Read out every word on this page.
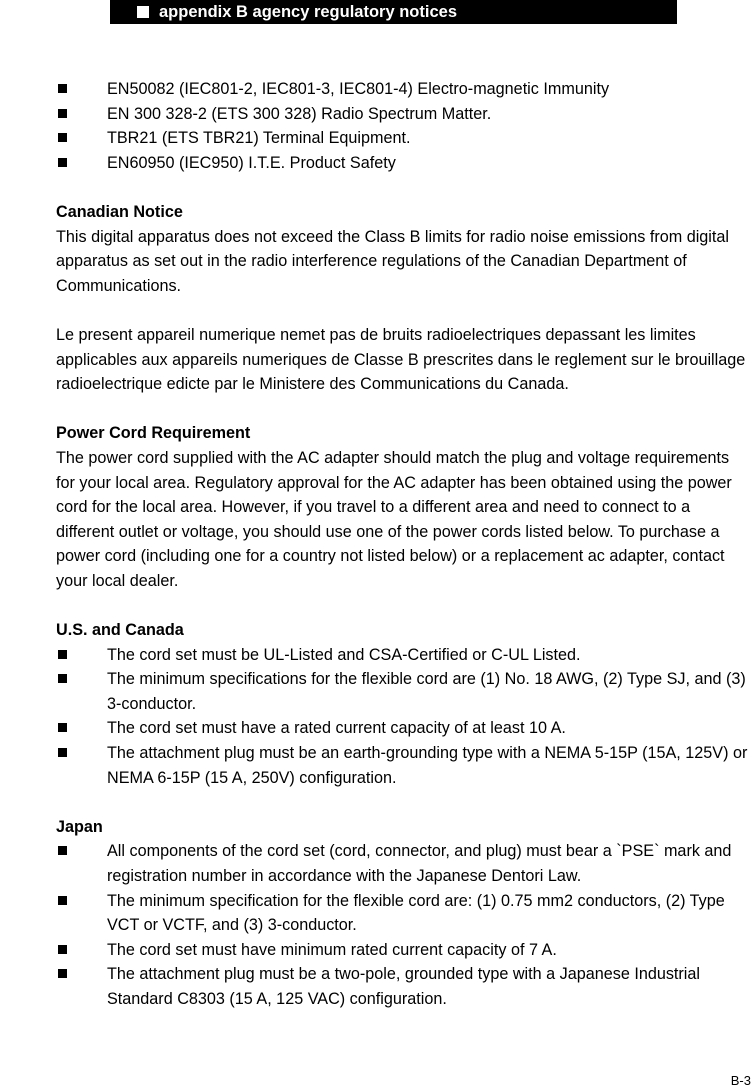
appendix B agency regulatory notices
EN50082 (IEC801-2, IEC801-3, IEC801-4) Electro-magnetic Immunity
EN 300 328-2 (ETS 300 328) Radio Spectrum Matter.
TBR21 (ETS TBR21) Terminal Equipment.
EN60950 (IEC950) I.T.E. Product Safety
Canadian Notice

This digital apparatus does not exceed the Class B limits for radio noise emissions from digital apparatus as set out in the radio interference regulations of the Canadian Department of Communications.

Le present appareil numerique nemet pas de bruits radioelectriques depassant les limites applicables aux appareils numeriques de Classe B prescrites dans le reglement sur le brouillage radioelectrique edicte par le Ministere des Communications du Canada.

Power Cord Requirement

The power cord supplied with the AC adapter should match the plug and voltage requirements for your local area. Regulatory approval for the AC adapter has been obtained using the power cord for the local area. However, if you travel to a different area and need to connect to a different outlet or voltage, you should use one of the power cords listed below. To purchase a power cord (including one for a country not listed below) or a replacement ac adapter, contact your local dealer.

U.S. and Canada
The cord set must be UL-Listed and CSA-Certified or C-UL Listed.
The minimum specifications for the flexible cord are (1) No. 18 AWG, (2) Type SJ, and (3) 3-conductor.
The cord set must have a rated current capacity of at least 10 A.
The attachment plug must be an earth-grounding type with a NEMA 5-15P (15A, 125V) or NEMA 6-15P (15 A, 250V) configuration.
Japan
All components of the cord set (cord, connector, and plug) must bear a `PSE` mark and registration number in accordance with the Japanese Dentori Law.
The minimum specification for the flexible cord are: (1) 0.75 mm2 conductors, (2) Type VCT or VCTF, and (3) 3-conductor.
The cord set must have minimum rated current capacity of 7 A.
The attachment plug must be a two-pole, grounded type with a Japanese Industrial Standard C8303 (15 A, 125 VAC) configuration.
B-3
